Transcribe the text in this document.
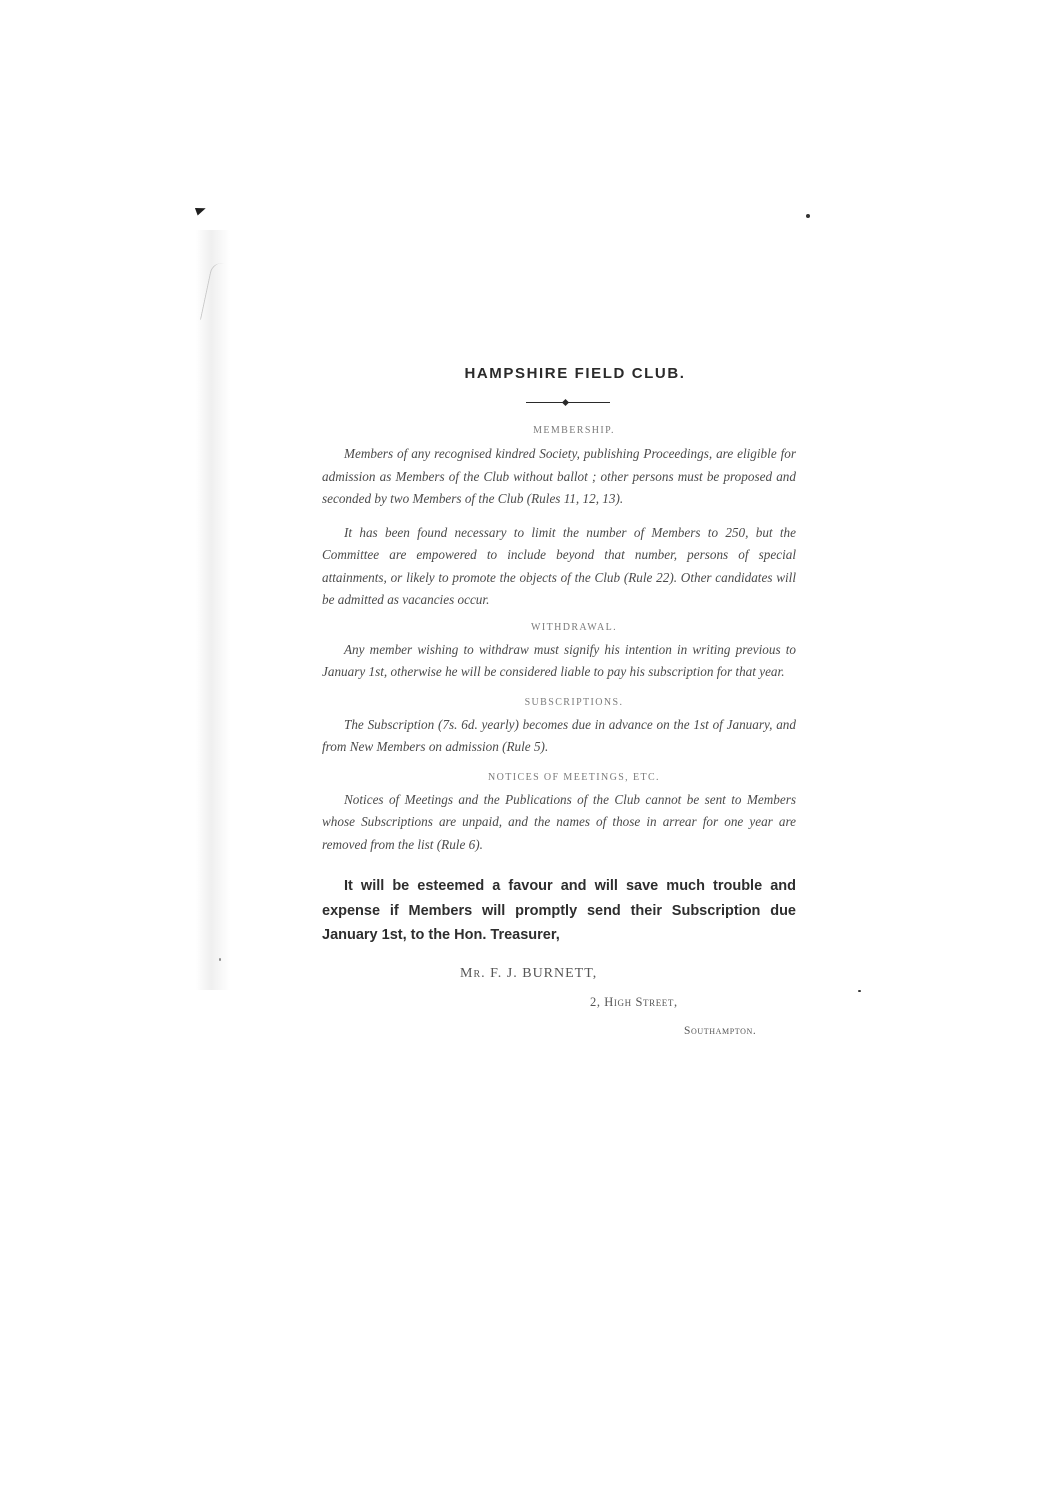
HAMPSHIRE FIELD CLUB.
MEMBERSHIP.

Members of any recognised kindred Society, publishing Proceedings, are eligible for admission as Members of the Club without ballot ; other persons must be proposed and seconded by two Members of the Club (Rules 11, 12, 13).

It has been found necessary to limit the number of Members to 250, but the Committee are empowered to include beyond that number, persons of special attainments, or likely to promote the objects of the Club (Rule 22). Other candidates will be admitted as vacancies occur.

WITHDRAWAL.

Any member wishing to withdraw must signify his intention in writing previous to January 1st, otherwise he will be considered liable to pay his subscription for that year.

SUBSCRIPTIONS.

The Subscription (7s. 6d. yearly) becomes due in advance on the 1st of January, and from New Members on admission (Rule 5).

NOTICES OF MEETINGS, ETC.

Notices of Meetings and the Publications of the Club cannot be sent to Members whose Subscriptions are unpaid, and the names of those in arrear for one year are removed from the list (Rule 6).

It will be esteemed a favour and will save much trouble and expense if Members will promptly send their Subscription due January 1st, to the Hon. Treasurer,
Mr. F. J. BURNETT,
2, High Street,
Southampton.
